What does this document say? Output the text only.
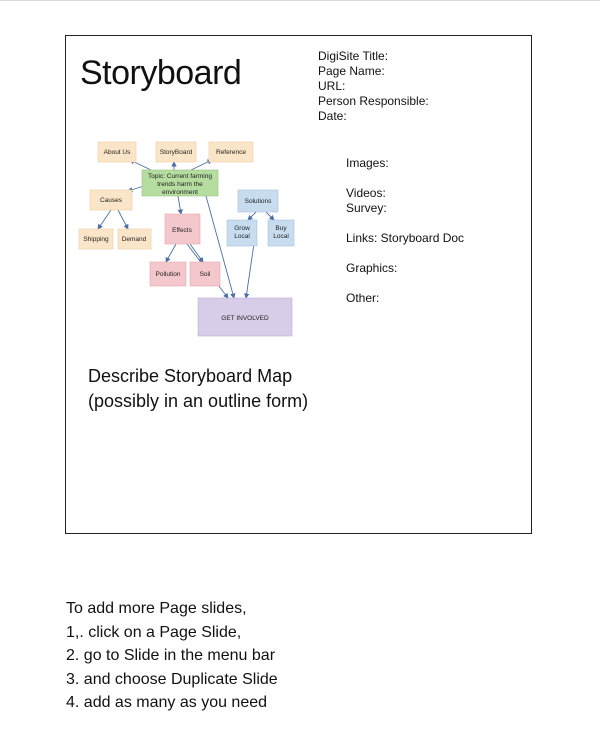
Storyboard	DigiSite Title:
Page Name:
URL:
Person Responsible:
Date:
Images:
Videos:
Survey:
Links: Storyboard Doc
Graphics:
Other:
About Us	StoryBoard	Reference
Topic: Current farming
trends harm the
environment
Causes
Shipping Demand
Effects
Pollution	Soil
Solutions
Grow
Local
Buy
Local
GET INVOLVED
Describe Storyboard Map
(possibly in an outline form)
To add more Page slides,
1,. click on a Page Slide,
2. go to Slide in the menu bar
3. and choose Duplicate Slide
4. add as many as you need
